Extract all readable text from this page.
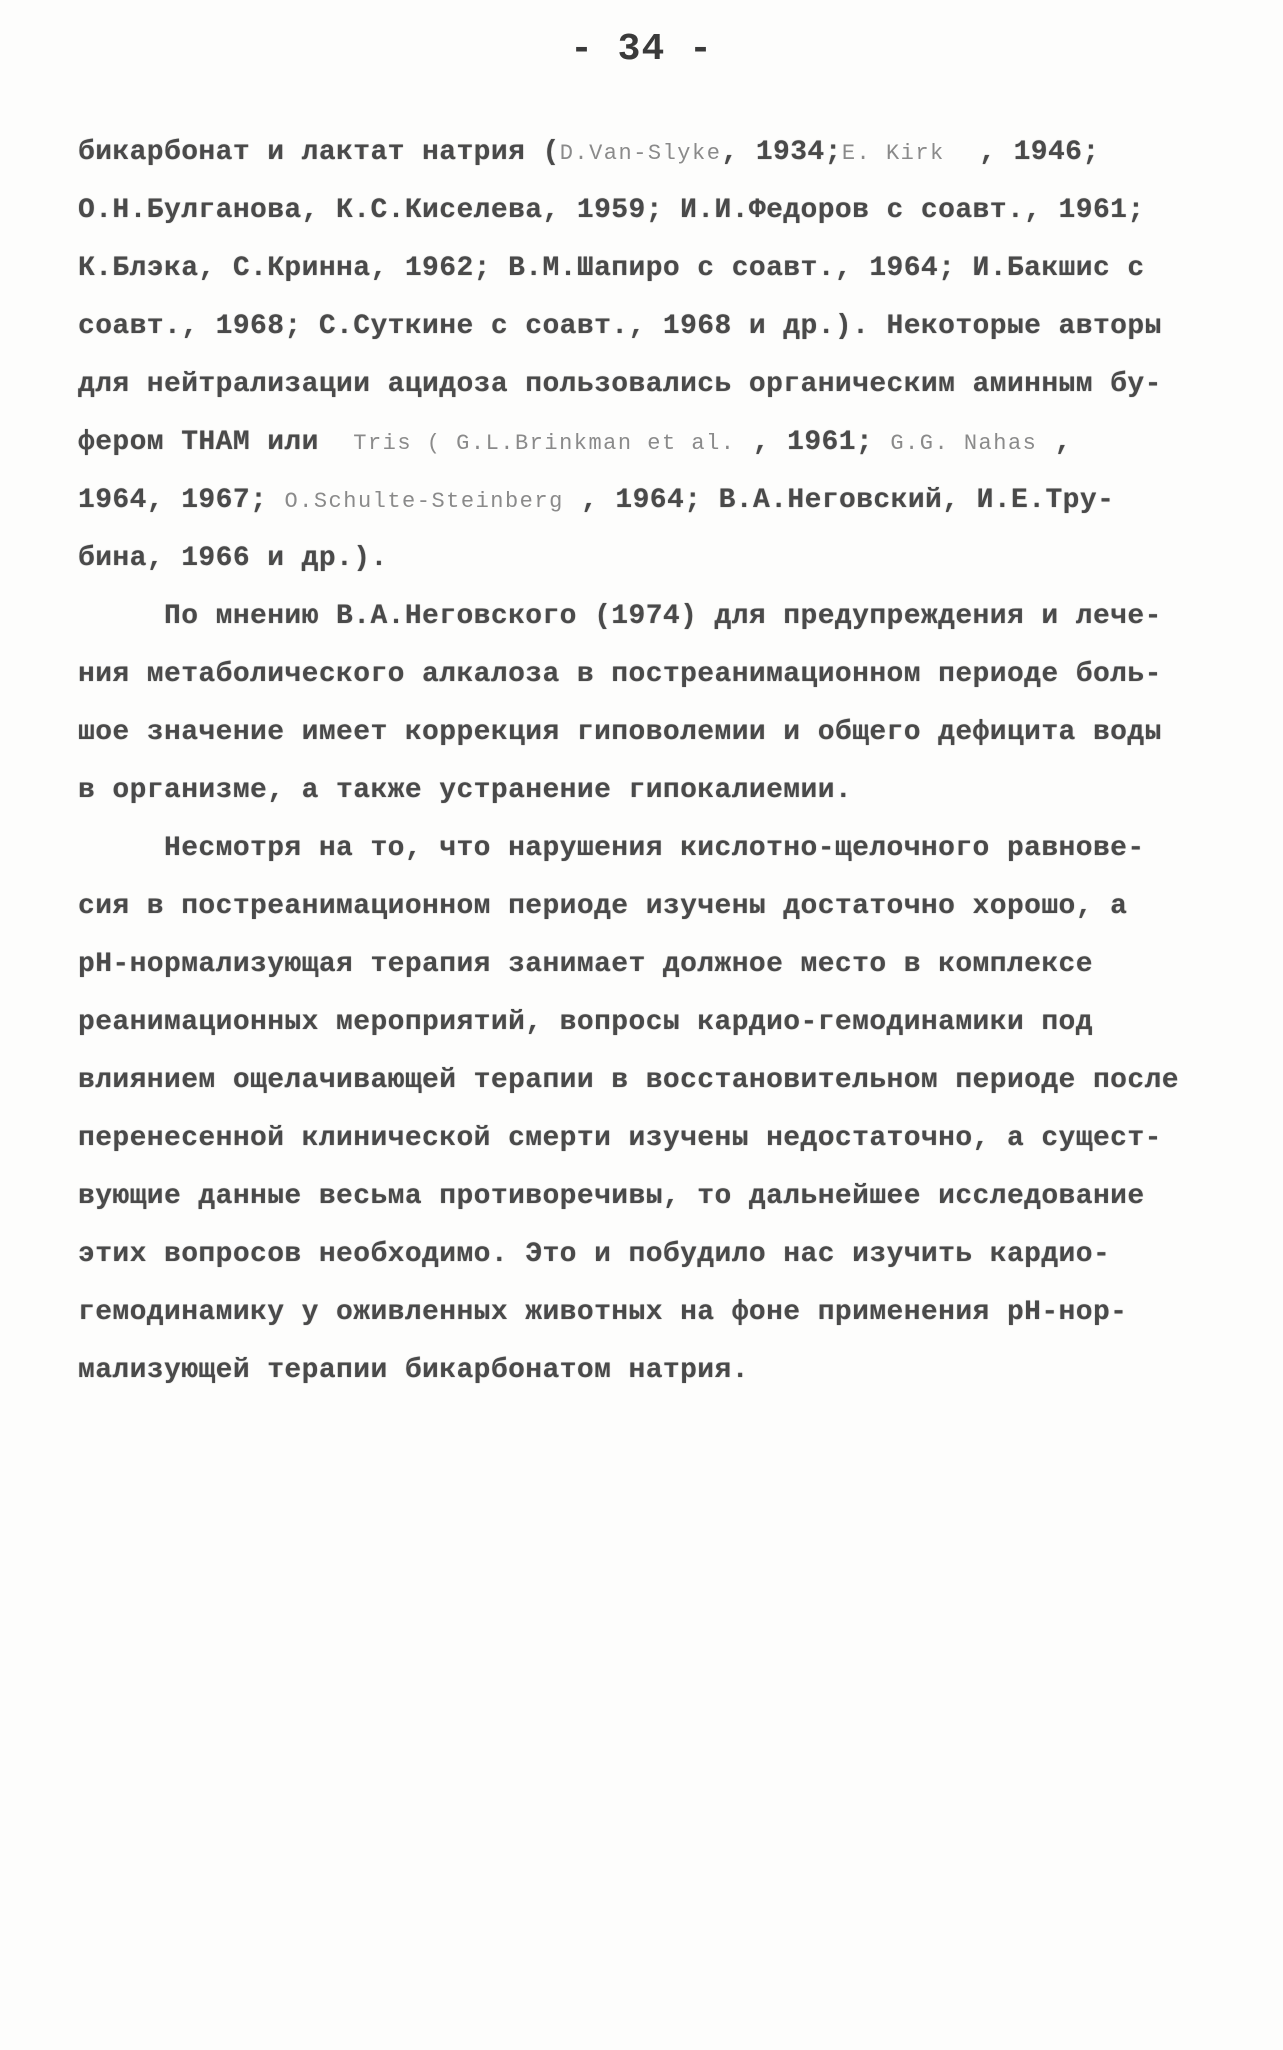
- 34 -
бикарбонат и лактат натрия (D.Van-Slyke, 1934;E. Kirk  , 1946;
О.Н.Булганова, К.С.Киселева, 1959; И.И.Федоров с соавт., 1961;
К.Блэка, С.Кринна, 1962; В.М.Шапиро с соавт., 1964; И.Бакшис с
соавт., 1968; С.Суткине с соавт., 1968 и др.). Некоторые авторы
для нейтрализации ацидоза пользовались органическим аминным бу-
фером ТНАМ или  Tris ( G.L.Brinkman et al. , 1961; G.G. Nahas ,
1964, 1967; O.Schulte-Steinberg , 1964; В.А.Неговский, И.Е.Тру-
бина, 1966 и др.).
По мнению В.А.Неговского (1974) для предупреждения и лече-
ния метаболического алкалоза в постреанимационном периоде боль-
шое значение имеет коррекция гиповолемии и общего дефицита воды
в организме, а также устранение гипокалиемии.
Несмотря на то, что нарушения кислотно-щелочного равнове-
сия в постреанимационном периоде изучены достаточно хорошо, а
рН-нормализующая терапия занимает должное место в комплексе
реанимационных мероприятий, вопросы кардио-гемодинамики под
влиянием ощелачивающей терапии в восстановительном периоде после
перенесенной клинической смерти изучены недостаточно, а сущест-
вующие данные весьма противоречивы, то дальнейшее исследование
этих вопросов необходимо. Это и побудило нас изучить кардио-
гемодинамику у оживленных животных на фоне применения рН-нор-
мализующей терапии бикарбонатом натрия.
